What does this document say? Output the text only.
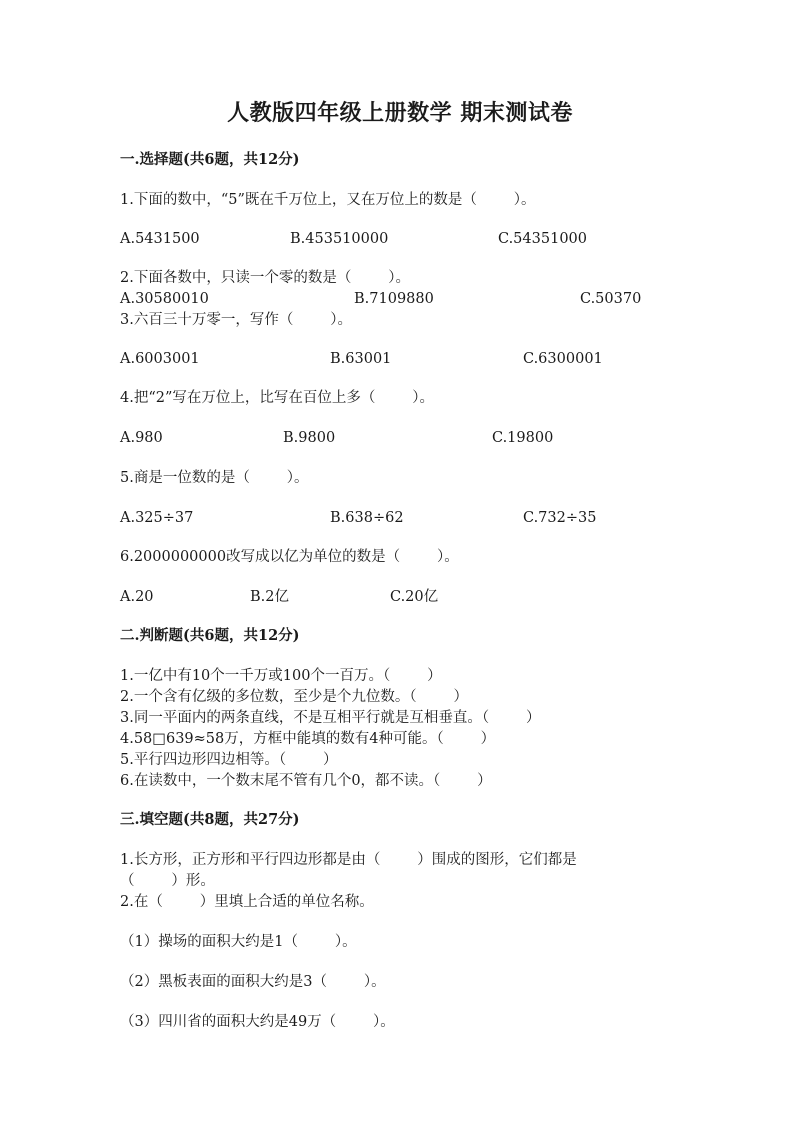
人教版四年级上册数学 期末测试卷
一.选择题(共6题，共12分)
1.下面的数中，“5”既在千万位上，又在万位上的数是（        ）。
A.5431500	B.453510000	C.54351000
2.下面各数中，只读一个零的数是（        ）。
A.30580010	B.7109880	C.50370
3.六百三十万零一，写作（        ）。
A.6003001	B.63001	C.6300001
4.把“2”写在万位上，比写在百位上多（        ）。
A.980	B.9800	C.19800
5.商是一位数的是（        ）。
A.325÷37	B.638÷62	C.732÷35
6.2000000000改写成以亿为单位的数是（        ）。
A.20	B.2亿	C.20亿
二.判断题(共6题，共12分)
1.一亿中有10个一千万或100个一百万。（        ）
2.一个含有亿级的多位数，至少是个九位数。（        ）
3.同一平面内的两条直线，不是互相平行就是互相垂直。（        ）
4.58□639≈58万，方框中能填的数有4种可能。（        ）
5.平行四边形四边相等。（        ）
6.在读数中，一个数末尾不管有几个0，都不读。（        ）
三.填空题(共8题，共27分)
1.长方形，正方形和平行四边形都是由（        ）围成的图形，它们都是
（        ）形。
2.在（        ）里填上合适的单位名称。
（1）操场的面积大约是1（        ）。
（2）黑板表面的面积大约是3（        ）。
（3）四川省的面积大约是49万（        ）。
